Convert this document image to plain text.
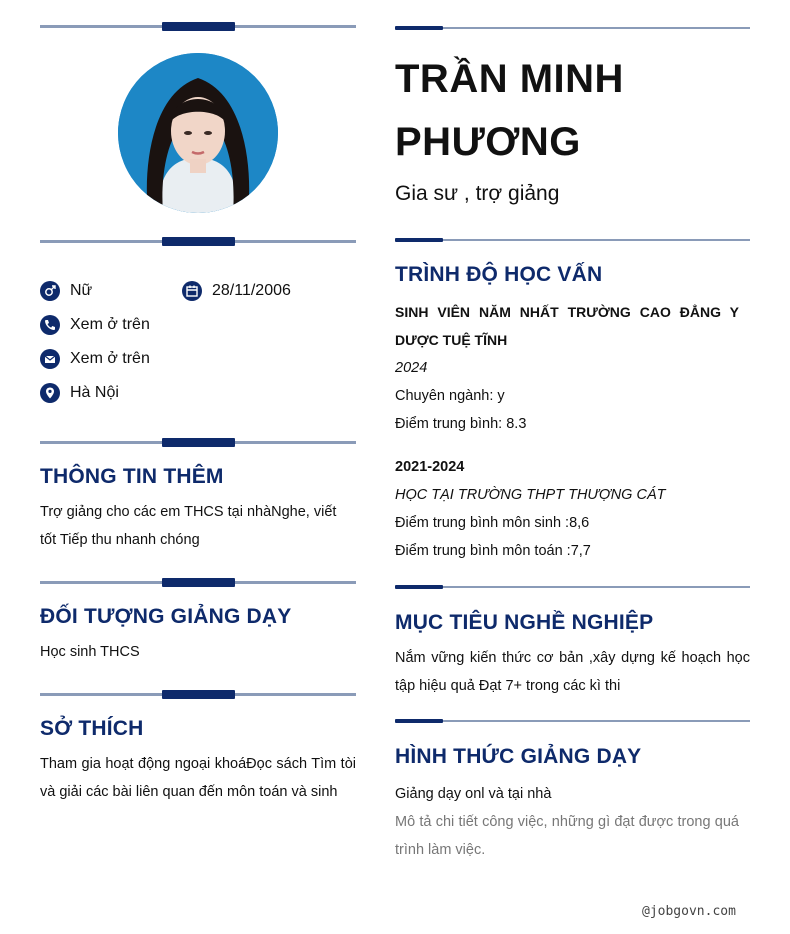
Nữ	28/11/2006
Xem ở trên
Xem ở trên
Hà Nội
THÔNG TIN THÊM
Trợ giảng cho các em THCS tại nhàNghe, viết tốt Tiếp thu nhanh chóng
ĐỐI TƯỢNG GIẢNG DẠY
Học sinh THCS
SỞ THÍCH
Tham gia hoạt động ngoại khoáĐọc sách Tìm tòi và giải các bài liên quan đến môn toán và sinh
TRẦN MINH PHƯƠNG
Gia sư , trợ giảng
TRÌNH ĐỘ HỌC VẤN
SINH VIÊN NĂM NHẤT TRƯỜNG CAO ĐẲNG Y DƯỢC TUỆ TĨNH
2024
Chuyên ngành: y
Điểm trung bình: 8.3
2021-2024
HỌC TẠI TRƯỜNG THPT THƯỢNG CÁT
Điểm trung bình môn sinh :8,6
Điểm trung bình môn toán :7,7
MỤC TIÊU NGHỀ NGHIỆP
Nắm vững kiến thức cơ bản ,xây dựng kế hoạch học tập hiệu quả Đạt 7+ trong các kì thi
HÌNH THỨC GIẢNG DẠY
Giảng dạy onl và tại nhà
Mô tả chi tiết công việc, những gì đạt được trong quá trình làm việc.
@jobgovn.com
